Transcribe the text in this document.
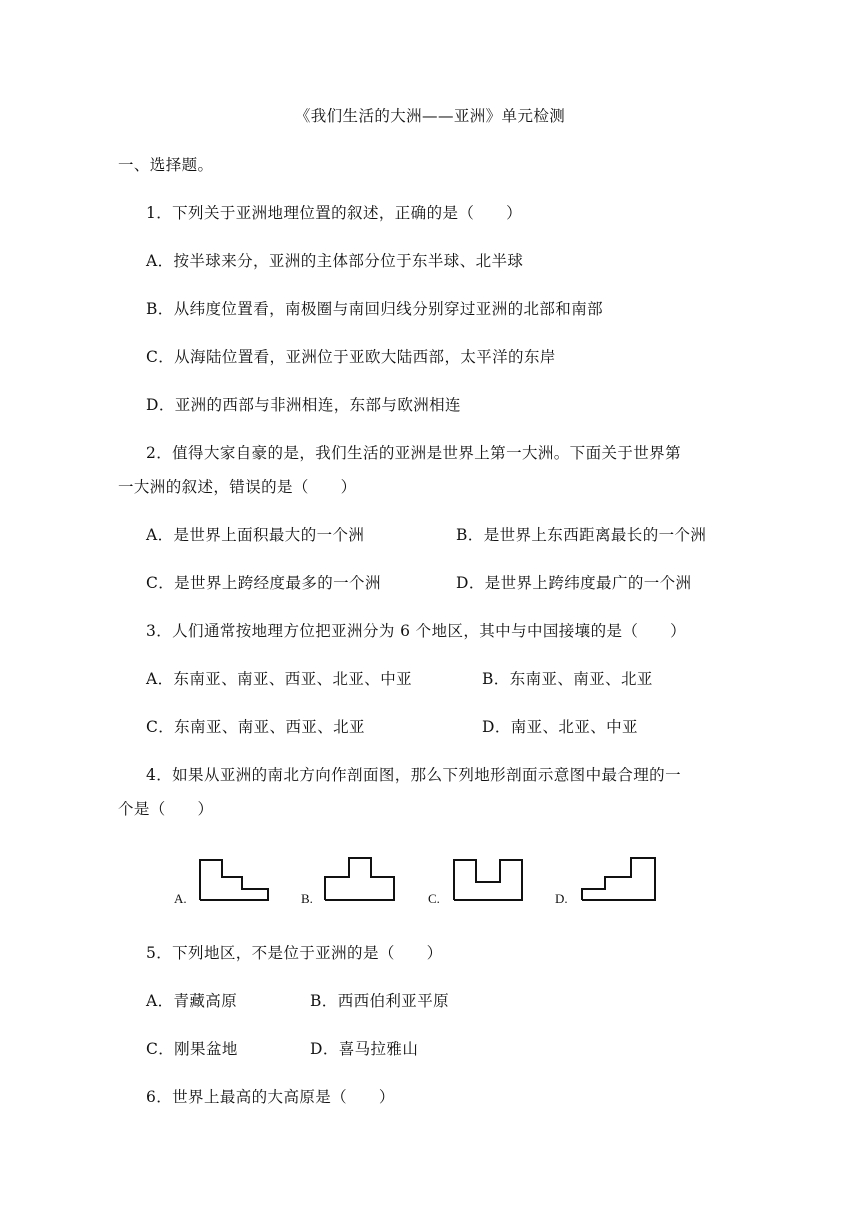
《我们生活的大洲——亚洲》单元检测
一、选择题。
1．下列关于亚洲地理位置的叙述，正确的是（　　）
A．按半球来分，亚洲的主体部分位于东半球、北半球
B．从纬度位置看，南极圈与南回归线分别穿过亚洲的北部和南部
C．从海陆位置看，亚洲位于亚欧大陆西部，太平洋的东岸
D．亚洲的西部与非洲相连，东部与欧洲相连
2．值得大家自豪的是，我们生活的亚洲是世界上第一大洲。下面关于世界第
一大洲的叙述，错误的是（　　）
A．是世界上面积最大的一个洲	B．是世界上东西距离最长的一个洲
C．是世界上跨经度最多的一个洲	D．是世界上跨纬度最广的一个洲
3．人们通常按地理方位把亚洲分为 6 个地区，其中与中国接壤的是（　　）
A．东南亚、南亚、西亚、北亚、中亚	B．东南亚、南亚、北亚
C．东南亚、南亚、西亚、北亚	D．南亚、北亚、中亚
4．如果从亚洲的南北方向作剖面图，那么下列地形剖面示意图中最合理的一
个是（　　）
A.	B.	C.	D.
5．下列地区，不是位于亚洲的是（　　）
A．青藏高原	B．西西伯利亚平原
C．刚果盆地	D．喜马拉雅山
6．世界上最高的大高原是（　　）
